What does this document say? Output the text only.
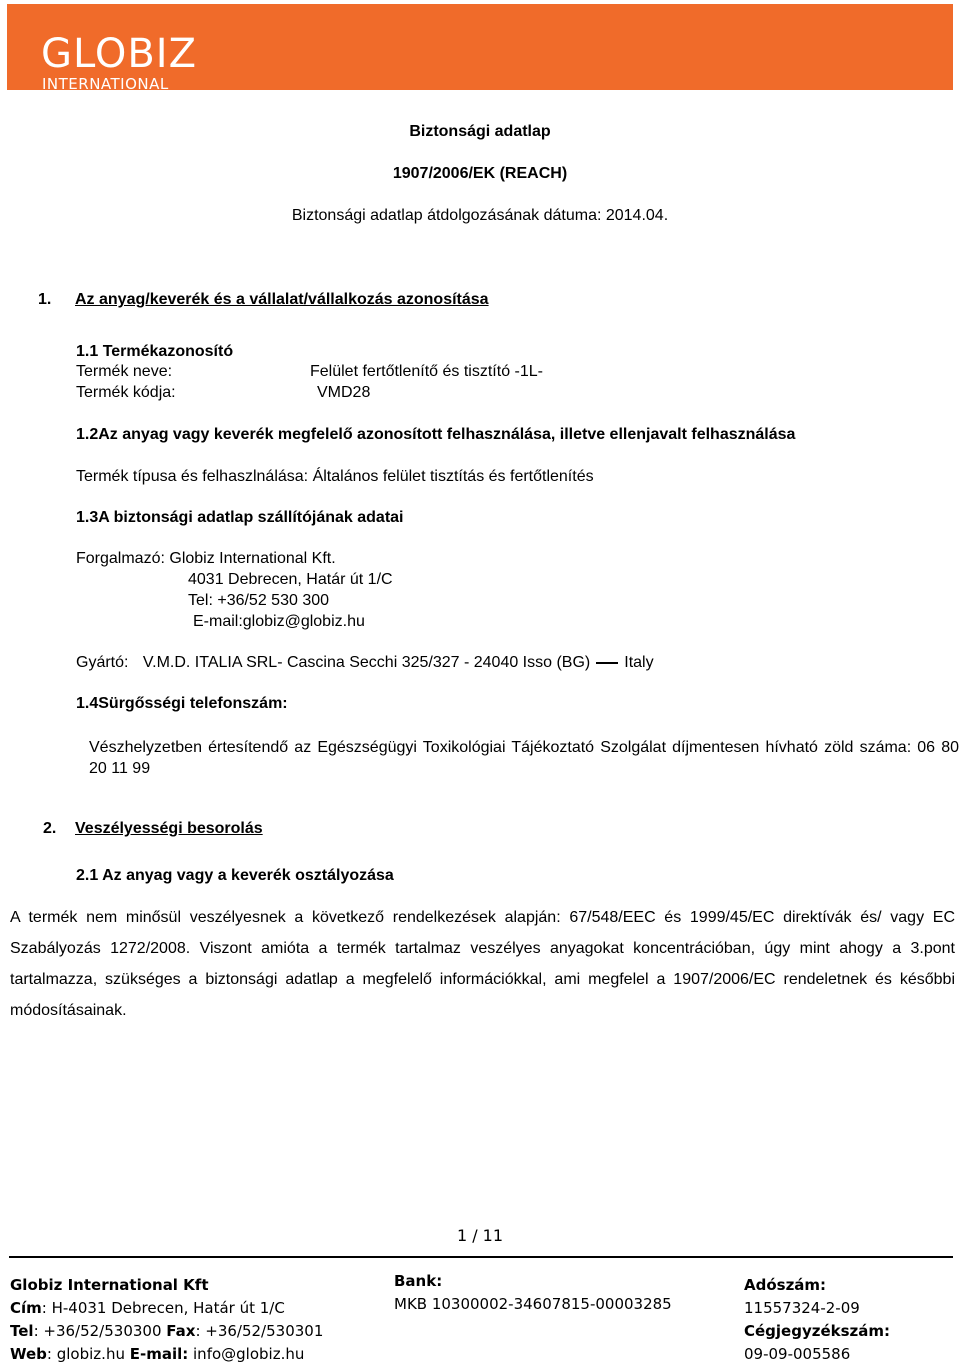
GLOBIZ
INTERNATIONAL
Biztonsági adatlap
1907/2006/EK (REACH)
Biztonsági adatlap átdolgozásának dátuma: 2014.04.
1. Az anyag/keverék és a vállalat/vállalkozás azonosítása
1.1 Termékazonosító
Termék neve:	Felület fertőtlenítő és tisztító -1L-
Termék kódja:	VMD28
1.2Az anyag vagy keverék megfelelő azonosított felhasználása, illetve ellenjavalt felhasználása
Termék típusa és felhaszlnálása: Általános felület tisztítás és fertőtlenítés
1.3A biztonsági adatlap szállítójának adatai
Forgalmazó: Globiz International Kft.
4031 Debrecen, Határ út 1/C
Tel: +36/52 530 300
E-mail:globiz@globiz.hu
Gyártó: V.M.D. ITALIA SRL- Cascina Secchi 325/327 - 24040 Isso (BG) Italy
1.4Sürgősségi telefonszám:
Vészhelyzetben értesítendő az Egészségügyi Toxikológiai Tájékoztató Szolgálat díjmentesen hívható zöld száma: 06 80 20 11 99
2. Veszélyességi besorolás
2.1 Az anyag vagy a keverék osztályozása
A termék nem minősül veszélyesnek a következő rendelkezések alapján: 67/548/EEC és 1999/45/EC direktívák és/ vagy EC Szabályozás 1272/2008. Viszont amióta a termék tartalmaz veszélyes anyagokat koncentrációban, úgy mint ahogy a 3.pont tartalmazza, szükséges a biztonsági adatlap a megfelelő információkkal, ami megfelel a 1907/2006/EC rendeletnek és későbbi módosításainak.
1 / 11
Globiz International Kft
Cím: H-4031 Debrecen, Határ út 1/C
Tel: +36/52/530300 Fax: +36/52/530301
Web: globiz.hu E-mail: info@globiz.hu
Bank:
MKB 10300002-34607815-00003285
Adószám:
11557324-2-09
Cégjegyzékszám:
09-09-005586
